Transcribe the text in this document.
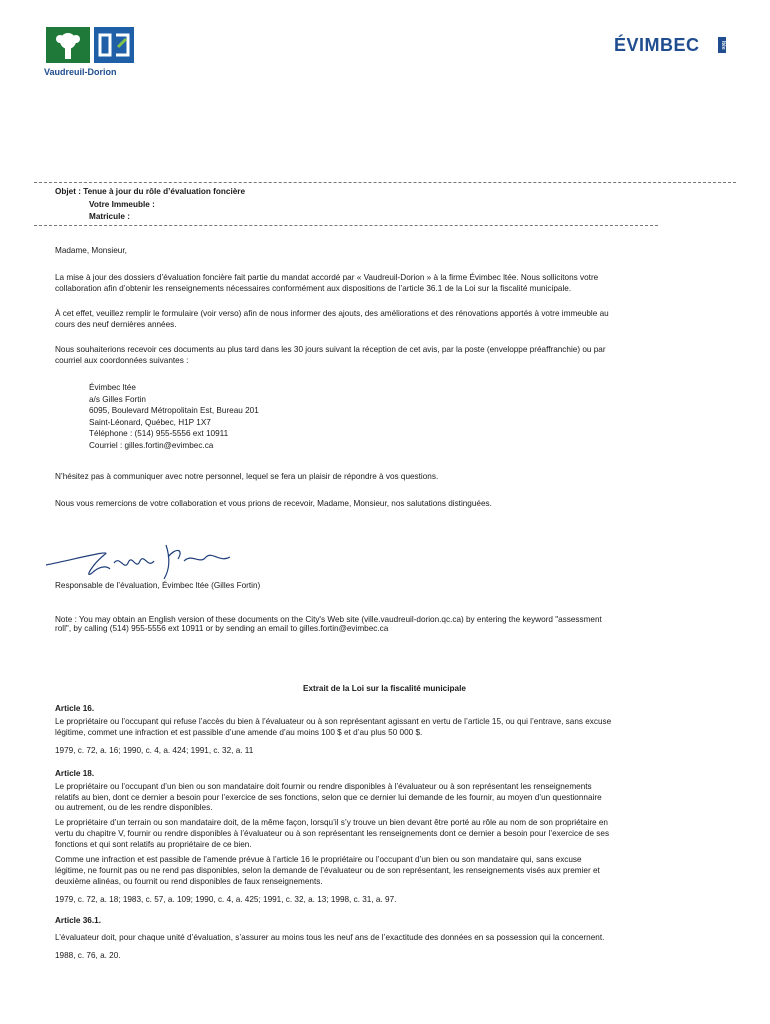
Vaudreuil-Dorion
ÉVIMBEC	ltée
Objet : Tenue à jour du rôle d’évaluation foncière
Votre Immeuble :
Matricule :
Madame, Monsieur,
La mise à jour des dossiers d’évaluation foncière fait partie du mandat accordé par « Vaudreuil-Dorion » à la firme Évimbec ltée. Nous sollicitons votre
collaboration afin d’obtenir les renseignements nécessaires conformément aux dispositions de l’article 36.1 de la Loi sur la fiscalité municipale.
À cet effet, veuillez remplir le formulaire (voir verso) afin de nous informer des ajouts, des améliorations et des rénovations apportés à votre immeuble au
cours des neuf dernières années.
Nous souhaiterions recevoir ces documents au plus tard dans les 30 jours suivant la réception de cet avis, par la poste (enveloppe préaffranchie) ou par
courriel aux coordonnées suivantes :
Évimbec ltée
a/s Gilles Fortin
6095, Boulevard Métropolitain Est, Bureau 201
Saint-Léonard, Québec, H1P 1X7
Téléphone : (514) 955-5556 ext 10911
Courriel : gilles.fortin@evimbec.ca
N’hésitez pas à communiquer avec notre personnel, lequel se fera un plaisir de répondre à vos questions.
Nous vous remercions de votre collaboration et vous prions de recevoir, Madame, Monsieur, nos salutations distinguées.
Responsable de l’évaluation, Évimbec ltée (Gilles Fortin)
Note : You may obtain an English version of these documents on the City's Web site (ville.vaudreuil-dorion.qc.ca) by entering the keyword "assessment
roll", by calling (514) 955-5556 ext 10911 or by sending an email to gilles.fortin@evimbec.ca
Extrait de la Loi sur la fiscalité municipale
Article 16.
Le propriétaire ou l’occupant qui refuse l’accès du bien à l’évaluateur ou à son représentant agissant en vertu de l’article 15, ou qui l’entrave, sans excuse
légitime, commet une infraction et est passible d’une amende d’au moins 100 $ et d’au plus 50 000 $.
1979, c. 72, a. 16; 1990, c. 4, a. 424; 1991, c. 32, a. 11
Article 18.
Le propriétaire ou l’occupant d’un bien ou son mandataire doit fournir ou rendre disponibles à l’évaluateur ou à son représentant les renseignements
relatifs au bien, dont ce dernier a besoin pour l’exercice de ses fonctions, selon que ce dernier lui demande de les fournir, au moyen d’un questionnaire
ou autrement, ou de les rendre disponibles.
Le propriétaire d’un terrain ou son mandataire doit, de la même façon, lorsqu’il s’y trouve un bien devant être porté au rôle au nom de son propriétaire en
vertu du chapitre V, fournir ou rendre disponibles à l’évaluateur ou à son représentant les renseignements dont ce dernier a besoin pour l’exercice de ses
fonctions et qui sont relatifs au propriétaire de ce bien.
Comme une infraction et est passible de l’amende prévue à l’article 16 le propriétaire ou l’occupant d’un bien ou son mandataire qui, sans excuse
légitime, ne fournit pas ou ne rend pas disponibles, selon la demande de l’évaluateur ou de son représentant, les renseignements visés aux premier et
deuxième alinéas, ou fournit ou rend disponibles de faux renseignements.
1979, c. 72, a. 18; 1983, c. 57, a. 109; 1990, c. 4, a. 425; 1991, c. 32, a. 13; 1998, c. 31, a. 97.
Article 36.1.
L’évaluateur doit, pour chaque unité d’évaluation, s’assurer au moins tous les neuf ans de l’exactitude des données en sa possession qui la concernent.
1988, c. 76, a. 20.
